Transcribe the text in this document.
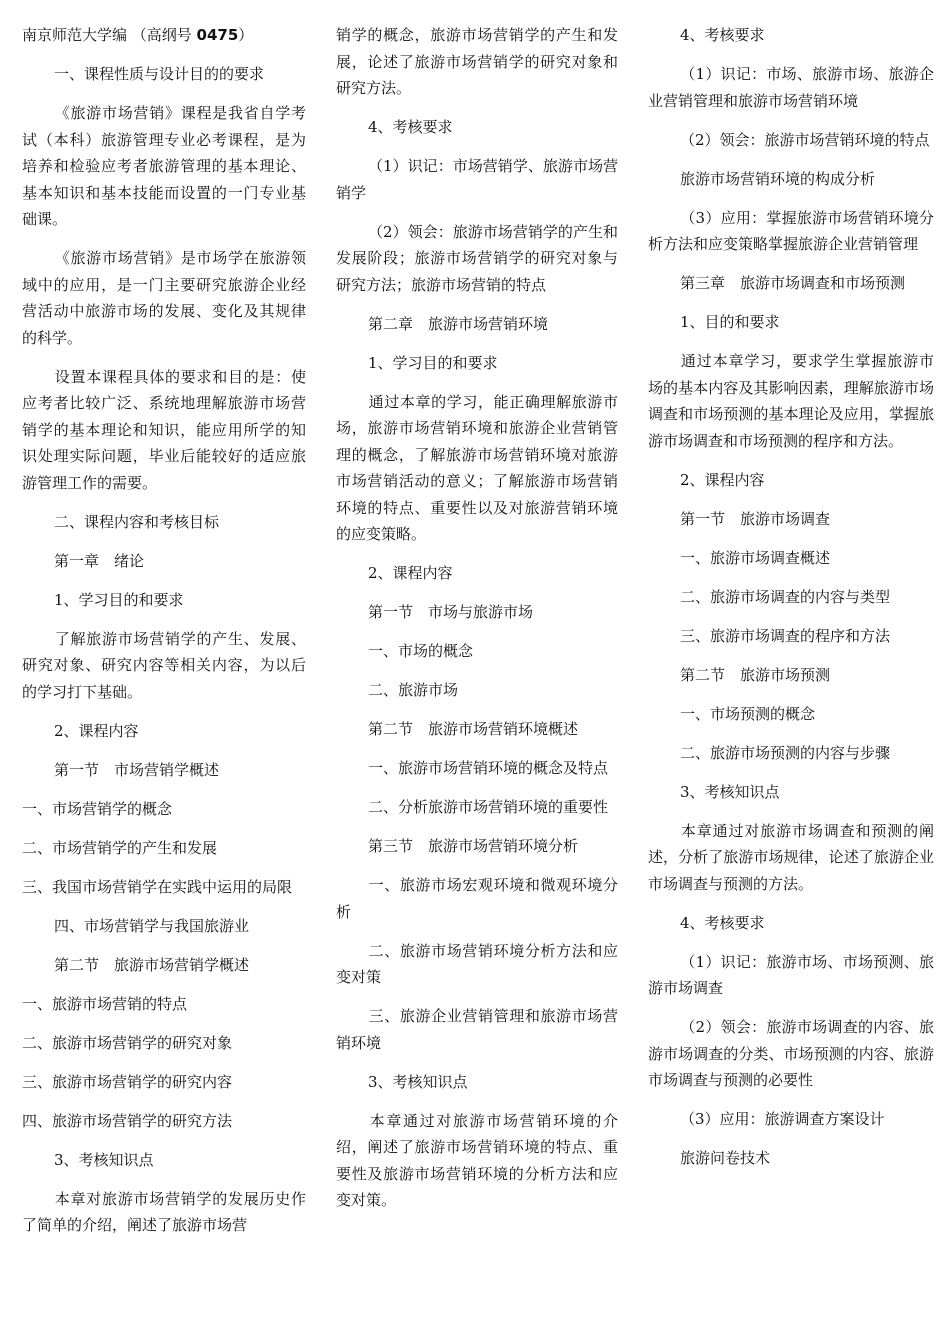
南京师范大学编 （高纲号 0475）

一、课程性质与设计目的的要求

《旅游市场营销》课程是我省自学考试（本科）旅游管理专业必考课程，是为培养和检验应考者旅游管理的基本理论、基本知识和基本技能而设置的一门专业基础课。

《旅游市场营销》是市场学在旅游领域中的应用，是一门主要研究旅游企业经营活动中旅游市场的发展、变化及其规律的科学。

设置本课程具体的要求和目的是：使应考者比较广泛、系统地理解旅游市场营销学的基本理论和知识，能应用所学的知识处理实际问题，毕业后能较好的适应旅游管理工作的需要。

二、课程内容和考核目标

第一章　绪论

1、学习目的和要求

了解旅游市场营销学的产生、发展、研究对象、研究内容等相关内容，为以后的学习打下基础。

2、课程内容

第一节　市场营销学概述

一、市场营销学的概念

二、市场营销学的产生和发展

三、我国市场营销学在实践中运用的局限

四、市场营销学与我国旅游业

第二节　旅游市场营销学概述

一、旅游市场营销的特点

二、旅游市场营销学的研究对象

三、旅游市场营销学的研究内容

四、旅游市场营销学的研究方法

3、考核知识点

本章对旅游市场营销学的发展历史作了简单的介绍，阐述了旅游市场营

销学的概念，旅游市场营销学的产生和发展，论述了旅游市场营销学的研究对象和研究方法。

4、考核要求

（1）识记：市场营销学、旅游市场营销学

（2）领会：旅游市场营销学的产生和发展阶段；旅游市场营销学的研究对象与研究方法；旅游市场营销的特点

第二章　旅游市场营销环境

1、学习目的和要求

通过本章的学习，能正确理解旅游市场，旅游市场营销环境和旅游企业营销管理的概念，了解旅游市场营销环境对旅游市场营销活动的意义；了解旅游市场营销环境的特点、重要性以及对旅游营销环境的应变策略。

2、课程内容

第一节　市场与旅游市场

一、市场的概念

二、旅游市场

第二节　旅游市场营销环境概述

一、旅游市场营销环境的概念及特点

二、分析旅游市场营销环境的重要性

第三节　旅游市场营销环境分析

一、旅游市场宏观环境和微观环境分析

二、旅游市场营销环境分析方法和应变对策

三、旅游企业营销管理和旅游市场营销环境

3、考核知识点

本章通过对旅游市场营销环境的介绍，阐述了旅游市场营销环境的特点、重要性及旅游市场营销环境的分析方法和应变对策。

4、考核要求

（1）识记：市场、旅游市场、旅游企业营销管理和旅游市场营销环境

（2）领会：旅游市场营销环境的特点

旅游市场营销环境的构成分析

（3）应用：掌握旅游市场营销环境分析方法和应变策略掌握旅游企业营销管理

第三章　旅游市场调查和市场预测

1、目的和要求

通过本章学习，要求学生掌握旅游市场的基本内容及其影响因素，理解旅游市场调查和市场预测的基本理论及应用，掌握旅游市场调查和市场预测的程序和方法。

2、课程内容

第一节　旅游市场调查

一、旅游市场调查概述

二、旅游市场调查的内容与类型

三、旅游市场调查的程序和方法

第二节　旅游市场预测

一、市场预测的概念

二、旅游市场预测的内容与步骤

3、考核知识点

本章通过对旅游市场调查和预测的阐述，分析了旅游市场规律，论述了旅游企业市场调查与预测的方法。

4、考核要求

（1）识记：旅游市场、市场预测、旅游市场调查

（2）领会：旅游市场调查的内容、旅游市场调查的分类、市场预测的内容、旅游市场调查与预测的必要性

（3）应用：旅游调查方案设计

旅游问卷技术
